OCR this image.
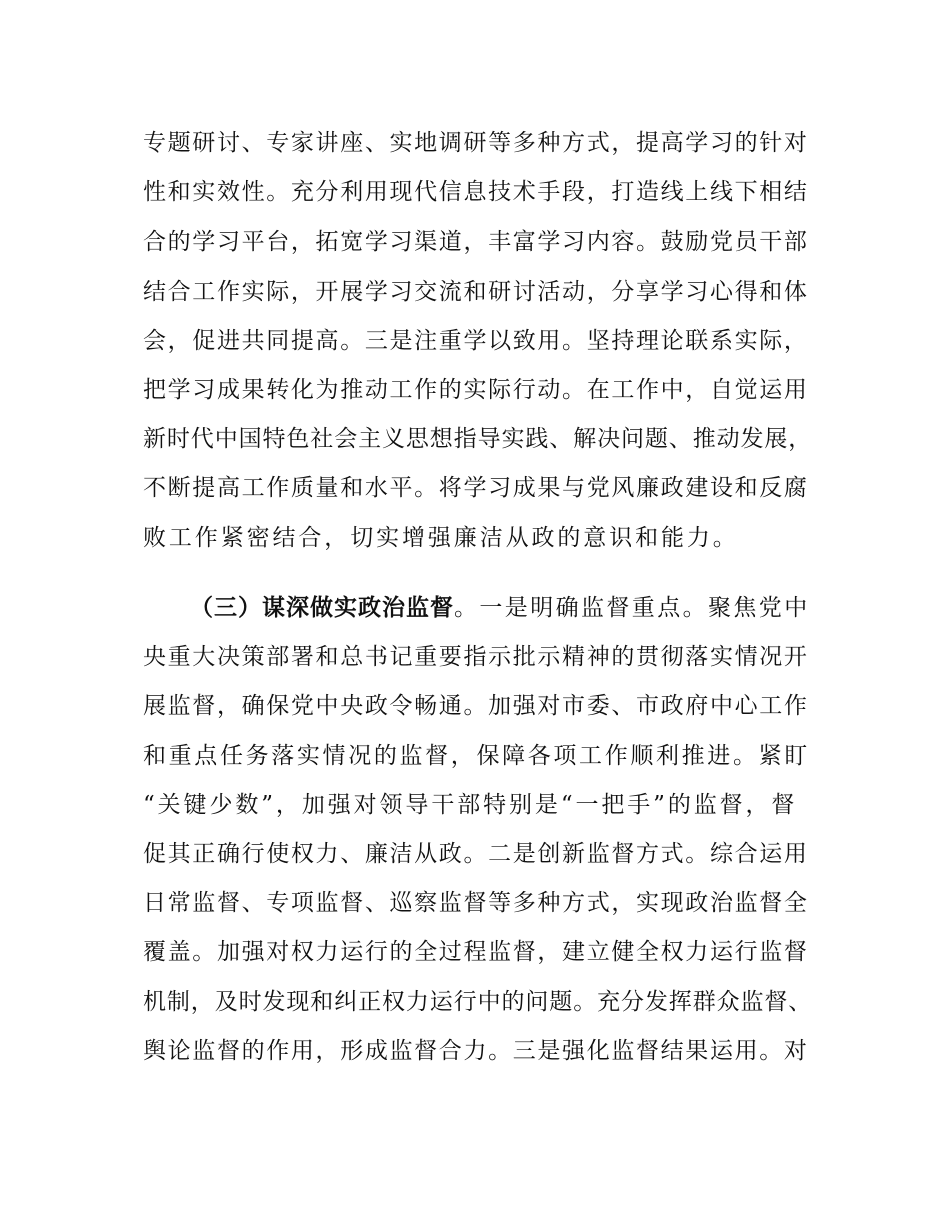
专题研讨、专家讲座、实地调研等多种方式，提高学习的针对
性和实效性。充分利用现代信息技术手段，打造线上线下相结
合的学习平台，拓宽学习渠道，丰富学习内容。鼓励党员干部
结合工作实际，开展学习交流和研讨活动，分享学习心得和体
会，促进共同提高。三是注重学以致用。坚持理论联系实际，
把学习成果转化为推动工作的实际行动。在工作中，自觉运用
新时代中国特色社会主义思想指导实践、解决问题、推动发展，
不断提高工作质量和水平。将学习成果与党风廉政建设和反腐
败工作紧密结合，切实增强廉洁从政的意识和能力。
（三）谋深做实政治监督。一是明确监督重点。聚焦党中
央重大决策部署和总书记重要指示批示精神的贯彻落实情况开
展监督，确保党中央政令畅通。加强对市委、市政府中心工作
和重点任务落实情况的监督，保障各项工作顺利推进。紧盯
“关键少数”，加强对领导干部特别是“一把手”的监督，督
促其正确行使权力、廉洁从政。二是创新监督方式。综合运用
日常监督、专项监督、巡察监督等多种方式，实现政治监督全
覆盖。加强对权力运行的全过程监督，建立健全权力运行监督
机制，及时发现和纠正权力运行中的问题。充分发挥群众监督、
舆论监督的作用，形成监督合力。三是强化监督结果运用。对
